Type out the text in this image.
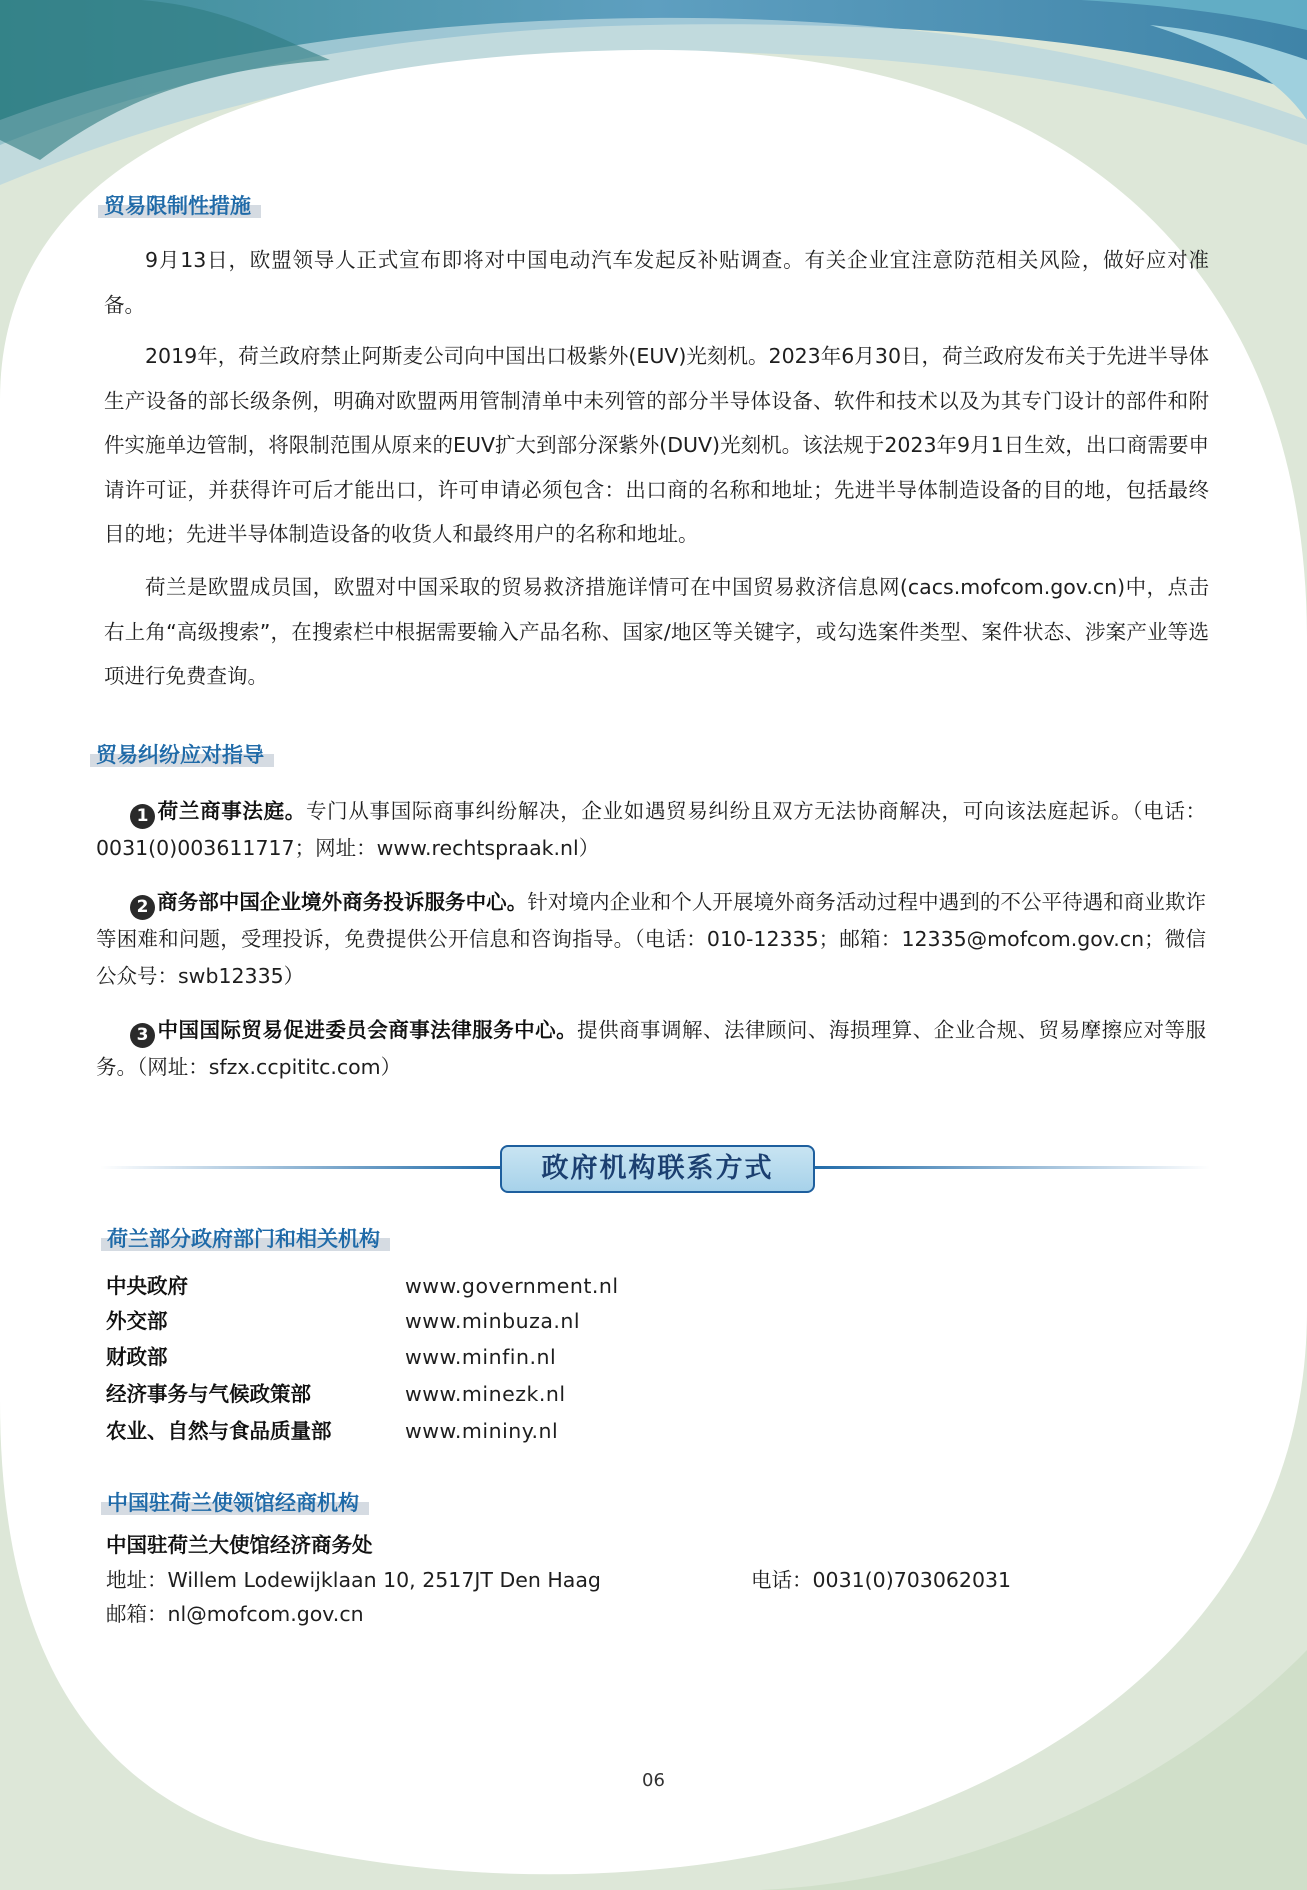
贸易限制性措施

9月13日，欧盟领导人正式宣布即将对中国电动汽车发起反补贴调查。有关企业宜注意防范相关风险，做好应对准备。

2019年，荷兰政府禁止阿斯麦公司向中国出口极紫外(EUV)光刻机。2023年6月30日，荷兰政府发布关于先进半导体生产设备的部长级条例，明确对欧盟两用管制清单中未列管的部分半导体设备、软件和技术以及为其专门设计的部件和附件实施单边管制，将限制范围从原来的EUV扩大到部分深紫外(DUV)光刻机。该法规于2023年9月1日生效，出口商需要申请许可证，并获得许可后才能出口，许可申请必须包含：出口商的名称和地址；先进半导体制造设备的目的地，包括最终目的地；先进半导体制造设备的收货人和最终用户的名称和地址。

荷兰是欧盟成员国，欧盟对中国采取的贸易救济措施详情可在中国贸易救济信息网(cacs.mofcom.gov.cn)中，点击右上角“高级搜索”，在搜索栏中根据需要输入产品名称、国家/地区等关键字，或勾选案件类型、案件状态、涉案产业等选项进行免费查询。

贸易纠纷应对指导

1 荷兰商事法庭。专门从事国际商事纠纷解决，企业如遇贸易纠纷且双方无法协商解决，可向该法庭起诉。（电话：0031(0)003611717；网址：www.rechtspraak.nl）

2 商务部中国企业境外商务投诉服务中心。针对境内企业和个人开展境外商务活动过程中遇到的不公平待遇和商业欺诈等困难和问题，受理投诉，免费提供公开信息和咨询指导。（电话：010-12335；邮箱：12335@mofcom.gov.cn；微信公众号：swb12335）

3 中国国际贸易促进委员会商事法律服务中心。提供商事调解、法律顾问、海损理算、企业合规、贸易摩擦应对等服务。（网址：sfzx.ccpititc.com）

政府机构联系方式
荷兰部分政府部门和相关机构
中央政府	www.government.nl
外交部	www.minbuza.nl
财政部	www.minfin.nl
经济事务与气候政策部	www.minezk.nl
农业、自然与食品质量部	www.mininy.nl
中国驻荷兰使领馆经商机构
中国驻荷兰大使馆经济商务处
地址：Willem Lodewijklaan 10, 2517JT Den Haag	电话：0031(0)703062031
邮箱：nl@mofcom.gov.cn
06
